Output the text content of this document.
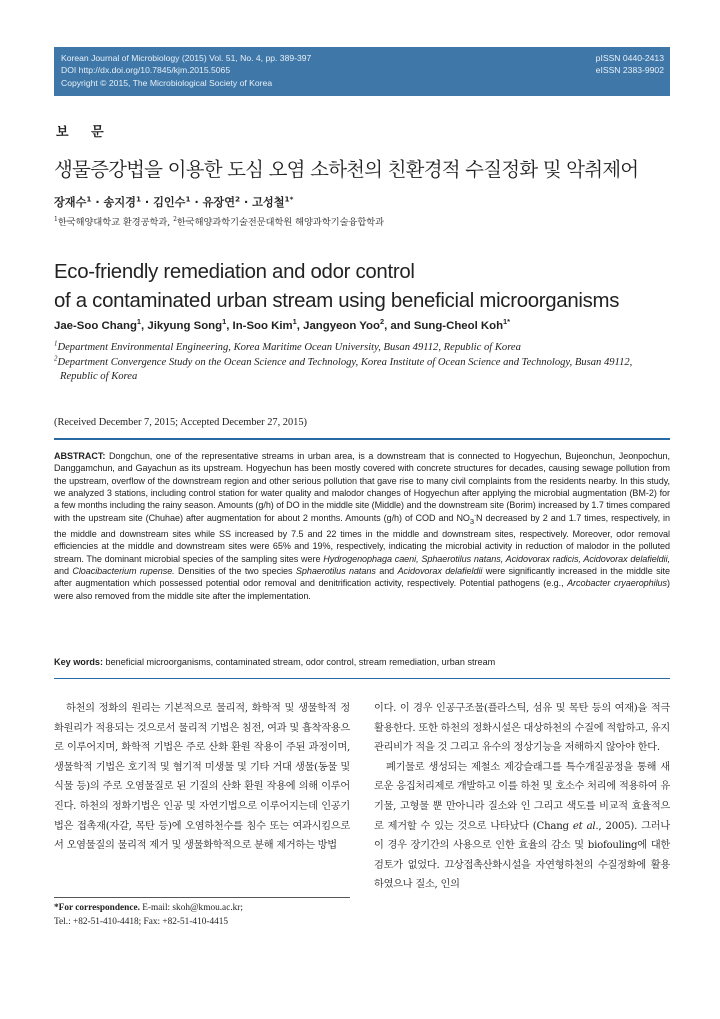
Korean Journal of Microbiology (2015) Vol. 51, No. 4, pp. 389-397
DOI http://dx.doi.org/10.7845/kjm.2015.5065
Copyright © 2015, The Microbiological Society of Korea
pISSN 0440-2413
eISSN 2383-9902
보 문
생물증강법을 이용한 도심 오염 소하천의 친환경적 수질정화 및 악취제어
장재수$^1$ · 송지경$^1$ · 김인수$^1$ · 유장연$^2$ · 고성철$^{1*}$
$^1$한국해양대학교 환경공학과, $^2$한국해양과학기술전문대학원 해양과학기술융합학과
Eco-friendly remediation and odor control
of a contaminated urban stream using beneficial microorganisms
Jae-Soo Chang$^1$, Jikyung Song$^1$, In-Soo Kim$^1$, Jangyeon Yoo$^2$, and Sung-Cheol Koh$^{1*}$
$^1$Department Environmental Engineering, Korea Maritime Ocean University, Busan 49112, Republic of Korea
$^2$Department Convergence Study on the Ocean Science and Technology, Korea Institute of Ocean Science and Technology, Busan 49112, Republic of Korea
(Received December 7, 2015; Accepted December 27, 2015)
ABSTRACT: Dongchun, one of the representative streams in urban area, is a downstream that is connected to Hogyechun, Bujeonchun, Jeonpochun, Danggamchun, and Gayachun as its upstream. Hogyechun has been mostly covered with concrete structures for decades, causing sewage pollution from the upstream, overflow of the downstream region and other serious pollution that gave rise to many civil complaints from the residents nearby. In this study, we analyzed 3 stations, including control station for water quality and malodor changes of Hogyechun after applying the microbial augmentation (BM-2) for a few months including the rainy season. Amounts (g/h) of DO in the middle site (Middle) and the downstream site (Borim) increased by 1.7 times compared with the upstream site (Chuhae) after augmentation for about 2 months. Amounts (g/h) of COD and $NO_3^-N$ decreased by 2 and 1.7 times, respectively, in the middle and downstream sites while SS increased by 7.5 and 22 times in the middle and downstream sites, respectively. Moreover, odor removal efficiencies at the middle and downstream sites were 65% and 19%, respectively, indicating the microbial activity in reduction of malodor in the polluted stream. The dominant microbial species of the sampling sites were Hydrogenophaga caeni, Sphaerotilus natans, Acidovorax radicis, Acidovorax delafieldii, and Cloacibacterium rupense. Densities of the two species Sphaerotilus natans and Acidovorax delafieldii were significantly increased in the middle site after augmentation which possessed potential odor removal and denitrification activity, respectively. Potential pathogens (e.g., Arcobacter cryaerophilus) were also removed from the middle site after the implementation.
Key words: beneficial microorganisms, contaminated stream, odor control, stream remediation, urban stream

하천의 정화의 원리는 기본적으로 물리적, 화학적 및 생물학적 정화원리가 적용되는 것으로서 물리적 기법은 침전, 여과 및 흡착작용으로 이루어지며, 화학적 기법은 주로 산화 환원 작용이 주된 과정이며, 생물학적 기법은 호기적 및 혐기적 미생물 및 기타 거대 생물(동물 및 식물 등)의 주로 오염물질로 된 기질의 산화 환원 작용에 의해 이루어진다. 하천의 정화기법은 인공 및 자연기법으로 이루어지는데 인공기법은 접촉재(자갈, 목탄 등)에 오염하천수를 침수 또는 여과시킴으로서 오염물질의 물리적 제거 및 생물화학적으로 분해 제거하는 방법

이다. 이 경우 인공구조물(플라스틱, 섬유 및 목탄 등의 여재)을 적극 활용한다. 또한 하천의 정화시설은 대상하천의 수질에 적합하고, 유지관리비가 적을 것 그리고 유수의 정상기능을 저해하지 않아야 한다.

폐기물로 생성되는 제철소 제강슬래그를 특수개질공정을 통해 새로운 응집처리제로 개발하고 이를 하천 및 호소수 처리에 적용하여 유기물, 고형물 뿐 만아니라 질소와 인 그리고 색도를 비교적 효율적으로 제거할 수 있는 것으로 나타났다 (Chang et al., 2005). 그러나 이 경우 장기간의 사용으로 인한 효율의 감소 및 biofouling에 대한 검토가 없었다. 끄상접촉산화시설을 자연형하천의 수질정화에 활용하였으나 질소, 인의

*For correspondence. E-mail: skoh@kmou.ac.kr;
Tel.: +82-51-410-4418; Fax: +82-51-410-4415
